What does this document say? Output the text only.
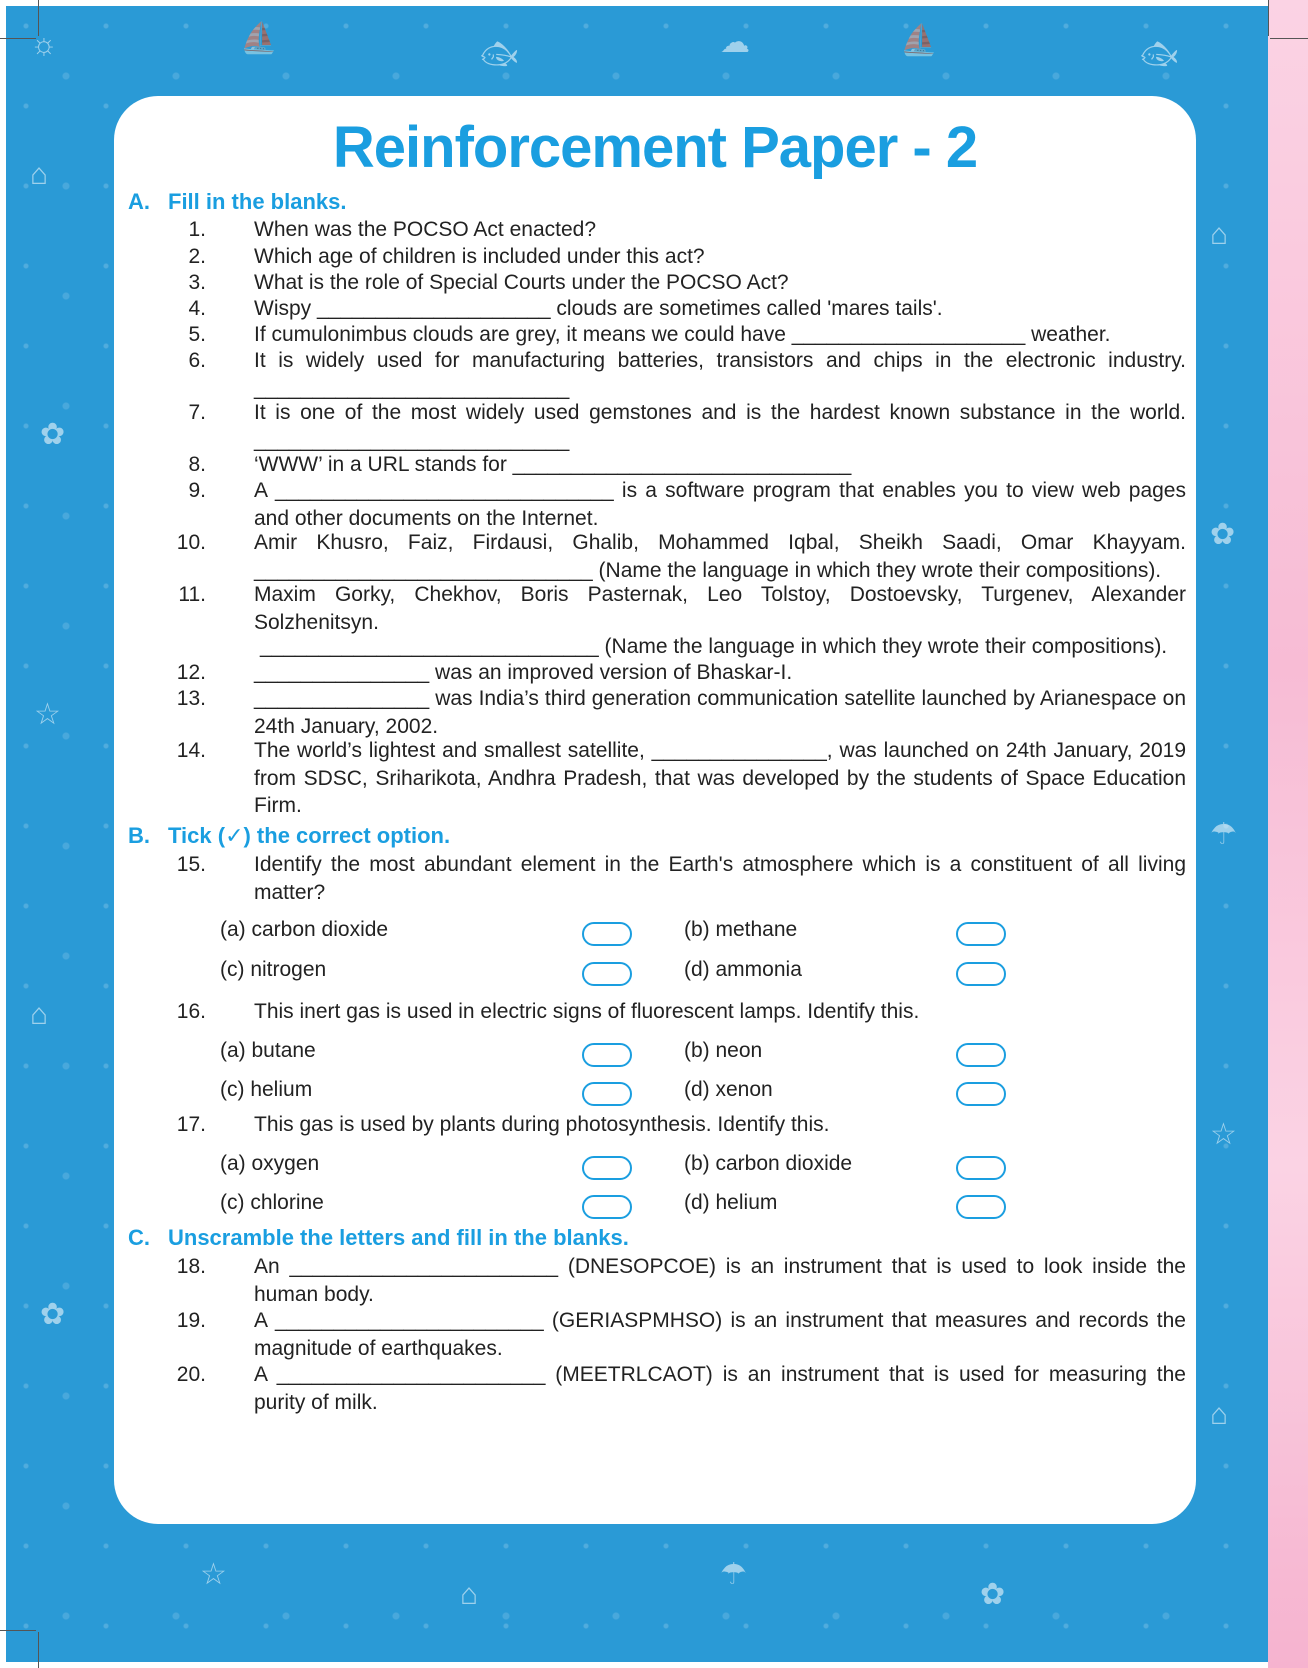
☼	⛵	🐟︎	☁	⛵	🐟︎
⌂
✿
☆
⌂
✿
⌂
✿
☂
☆
⌂
☆
⌂
☂
✿
Reinforcement Paper - 2
A. Fill in the blanks.
1. When was the POCSO Act enacted?
2. Which age of children is included under this act?
3. What is the role of Special Courts under the POCSO Act?
4. Wispy ____________________ clouds are sometimes called 'mares tails'.
5. If cumulonimbus clouds are grey, it means we could have ____________________ weather.
6. It is widely used for manufacturing batteries, transistors and chips in the electronic industry. ___________________________
7. It is one of the most widely used gemstones and is the hardest known substance in the world. ___________________________
8. ‘WWW’ in a URL stands for _____________________________
9. A _____________________________ is a software program that enables you to view web pages and other documents on the Internet.
10. Amir Khusro, Faiz, Firdausi, Ghalib, Mohammed Iqbal, Sheikh Saadi, Omar Khayyam. _____________________________ (Name the language in which they wrote their compositions).
11. Maxim Gorky, Chekhov, Boris Pasternak, Leo Tolstoy, Dostoevsky, Turgenev, Alexander Solzhenitsyn.
_____________________________ (Name the language in which they wrote their compositions).
12. _______________ was an improved version of Bhaskar-I.
13. _______________ was India’s third generation communication satellite launched by Arianespace on 24th January, 2002.
14. The world’s lightest and smallest satellite, _______________, was launched on 24th January, 2019 from SDSC, Sriharikota, Andhra Pradesh, that was developed by the students of Space Education Firm.
B. Tick (✓) the correct option.
15. Identify the most abundant element in the Earth's atmosphere which is a constituent of all living matter?
(a) carbon dioxide	(b) methane
(c) nitrogen	(d) ammonia
16. This inert gas is used in electric signs of fluorescent lamps. Identify this.
(a) butane	(b) neon
(c) helium	(d) xenon
17. This gas is used by plants during photosynthesis. Identify this.
(a) oxygen	(b) carbon dioxide
(c) chlorine	(d) helium
C. Unscramble the letters and fill in the blanks.
18. An _______________________ (DNESOPCOE) is an instrument that is used to look inside the human body.
19. A _______________________ (GERIASPMHSO) is an instrument that measures and records the magnitude of earthquakes.
20. A _______________________ (MEETRLCAOT) is an instrument that is used for measuring the purity of milk.
